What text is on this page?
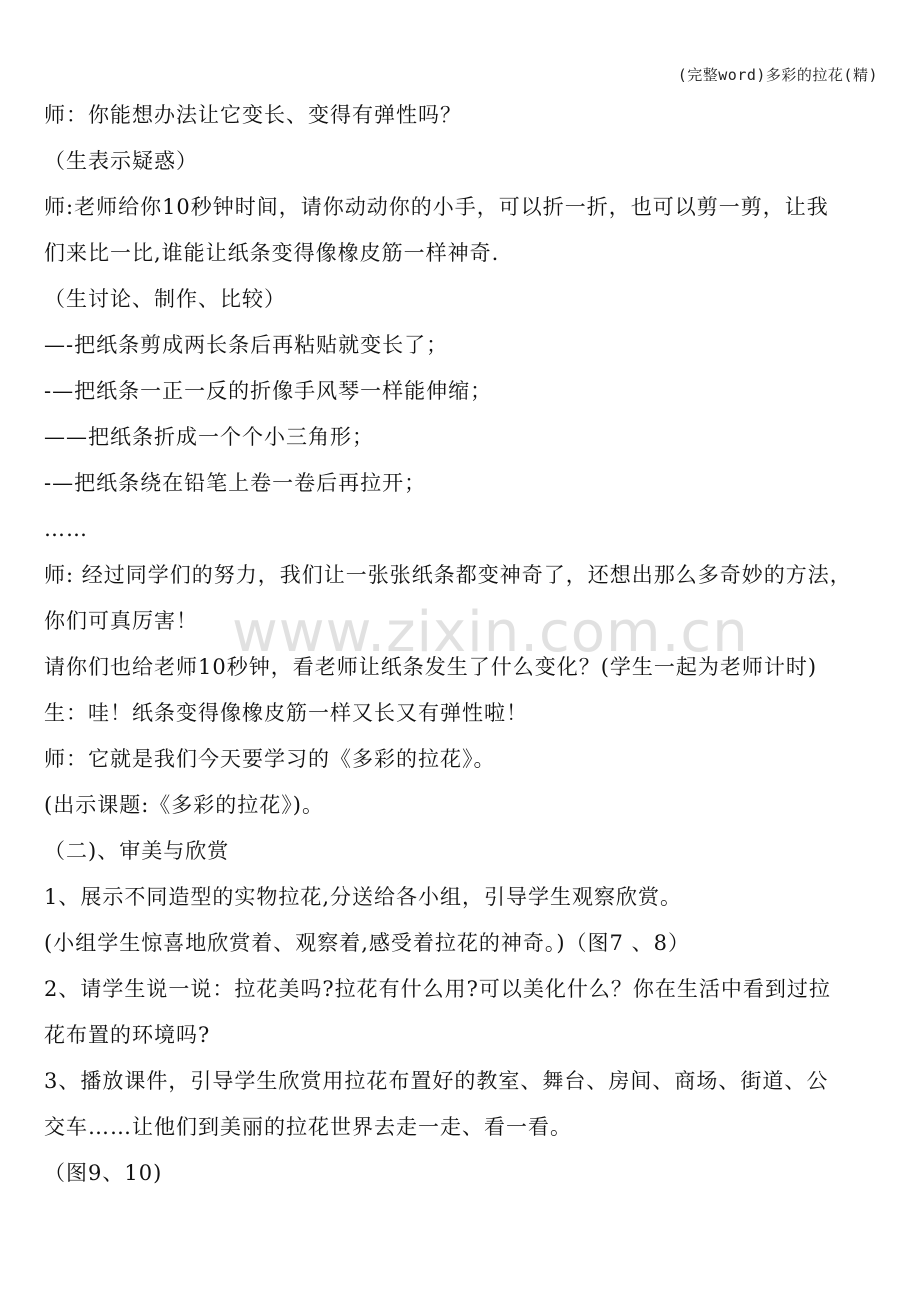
(完整word)多彩的拉花(精)
www.zixin.com.cn
师：你能想办法让它变长、变得有弹性吗？
（生表示疑惑）
师:老师给你10秒钟时间，请你动动你的小手，可以折一折，也可以剪一剪，让我
们来比一比,谁能让纸条变得像橡皮筋一样神奇.
（生讨论、制作、比较）
—-把纸条剪成两长条后再粘贴就变长了；
-—把纸条一正一反的折像手风琴一样能伸缩；
——把纸条折成一个个小三角形；
-—把纸条绕在铅笔上卷一卷后再拉开；
……
师: 经过同学们的努力，我们让一张张纸条都变神奇了，还想出那么多奇妙的方法，
你们可真厉害！
请你们也给老师10秒钟，看老师让纸条发生了什么变化？(学生一起为老师计时)
生：哇！纸条变得像橡皮筋一样又长又有弹性啦！
师：它就是我们今天要学习的《多彩的拉花》。
(出示课题:《多彩的拉花》)。
（二)、审美与欣赏
1、展示不同造型的实物拉花,分送给各小组，引导学生观察欣赏。
(小组学生惊喜地欣赏着、观察着,感受着拉花的神奇。)（图7 、8）
2、请学生说一说：拉花美吗?拉花有什么用?可以美化什么？你在生活中看到过拉
花布置的环境吗?
3、播放课件，引导学生欣赏用拉花布置好的教室、舞台、房间、商场、街道、公
交车……让他们到美丽的拉花世界去走一走、看一看。
（图9、10)
